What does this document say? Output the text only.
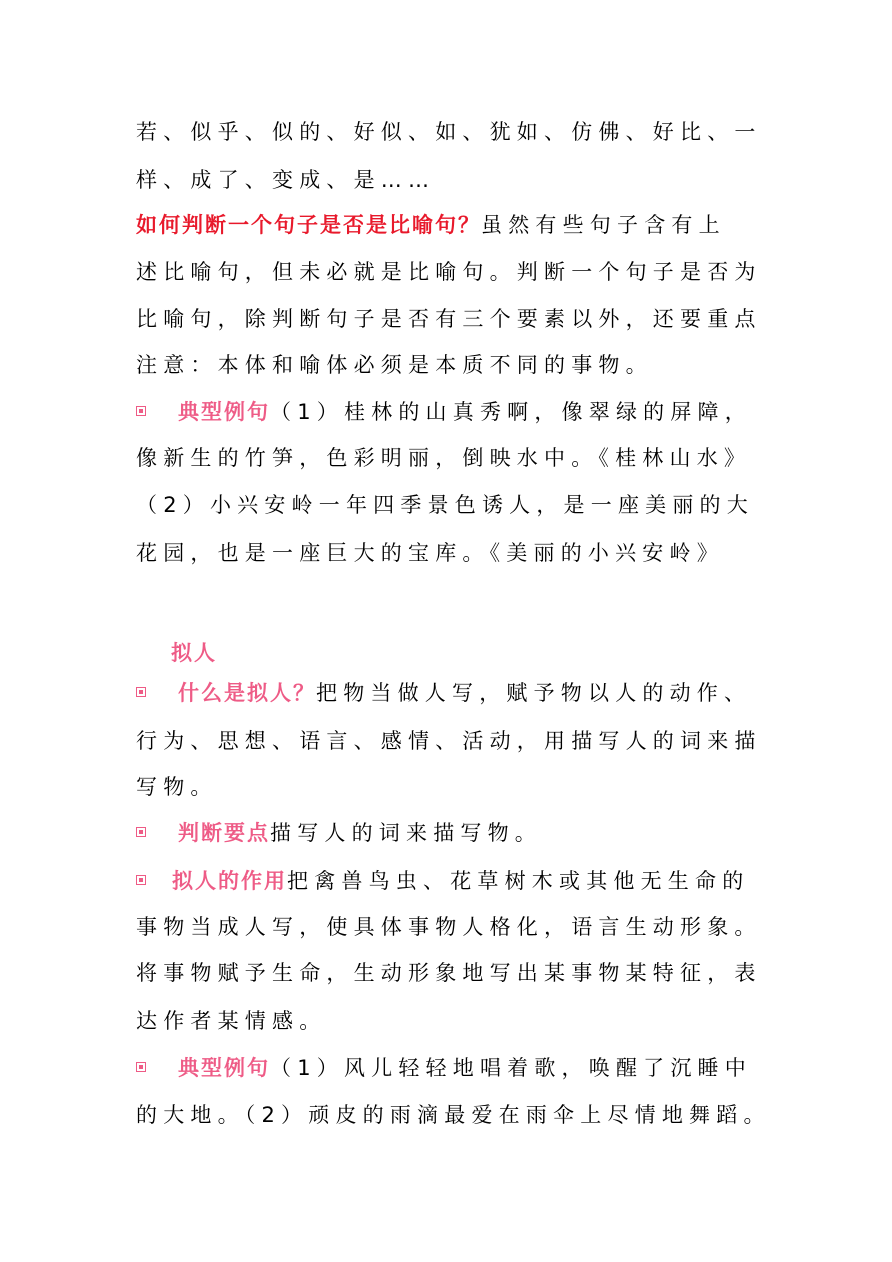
若、似乎、似的、好似、如、犹如、仿佛、好比、一
样、成了、变成、是……
如何判断一个句子是否是比喻句？虽然有些句子含有上
述比喻句，但未必就是比喻句。判断一个句子是否为
比喻句，除判断句子是否有三个要素以外，还要重点
注意：本体和喻体必须是本质不同的事物。
典型例句（1）桂林的山真秀啊，像翠绿的屏障，
像新生的竹笋，色彩明丽，倒映水中。《桂林山水》
（2）小兴安岭一年四季景色诱人，是一座美丽的大
花园，也是一座巨大的宝库。《美丽的小兴安岭》
拟人
什么是拟人？把物当做人写，赋予物以人的动作、
行为、思想、语言、感情、活动，用描写人的词来描
写物。
判断要点描写人的词来描写物。
拟人的作用把禽兽鸟虫、花草树木或其他无生命的
事物当成人写，使具体事物人格化，语言生动形象。
将事物赋予生命，生动形象地写出某事物某特征，表
达作者某情感。
典型例句（1）风儿轻轻地唱着歌，唤醒了沉睡中
的大地。（2）顽皮的雨滴最爱在雨伞上尽情地舞蹈。
